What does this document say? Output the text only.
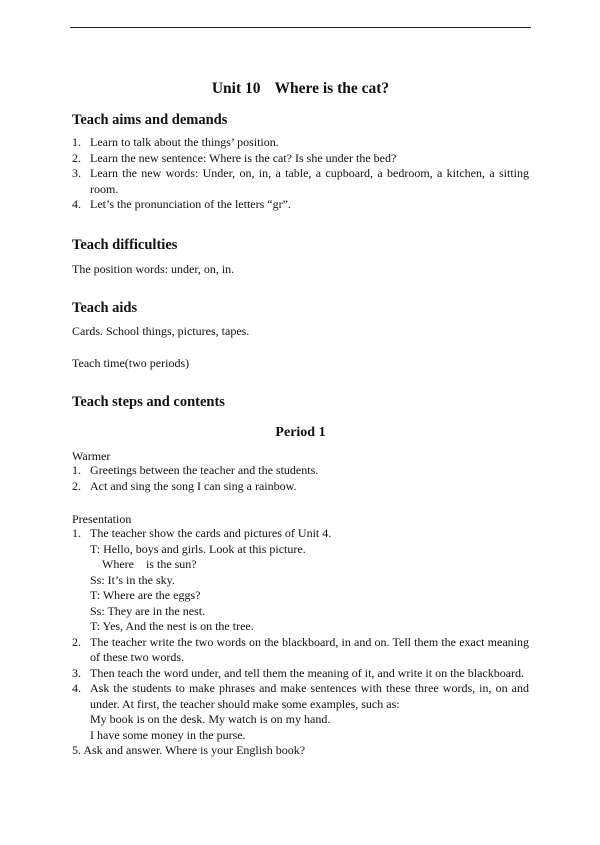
Unit 10 Where is the cat?
Teach aims and demands
1. Learn to talk about the things’ position.
2. Learn the new sentence: Where is the cat? Is she under the bed?
3. Learn the new words: Under, on, in, a table, a cupboard, a bedroom, a kitchen, a sitting room.
4. Let’s the pronunciation of the letters “gr”.
Teach difficulties
The position words: under, on, in.
Teach aids
Cards. School things, pictures, tapes.
Teach time(two periods)
Teach steps and contents
Period 1
Warmer
1. Greetings between the teacher and the students.
2. Act and sing the song I can sing a rainbow.
Presentation
1. The teacher show the cards and pictures of Unit 4.
T: Hello, boys and girls. Look at this picture.
Where    is the sun?
Ss: It’s in the sky.
T: Where are the eggs?
Ss: They are in the nest.
T: Yes, And the nest is on the tree.
2. The teacher write the two words on the blackboard, in and on. Tell them the exact meaning of these two words.
3. Then teach the word under, and tell them the meaning of it, and write it on the blackboard.
4. Ask the students to make phrases and make sentences with these three words, in, on and under. At first, the teacher should make some examples, such as:
My book is on the desk. My watch is on my hand.
I have some money in the purse.
5. Ask and answer. Where is your English book?
